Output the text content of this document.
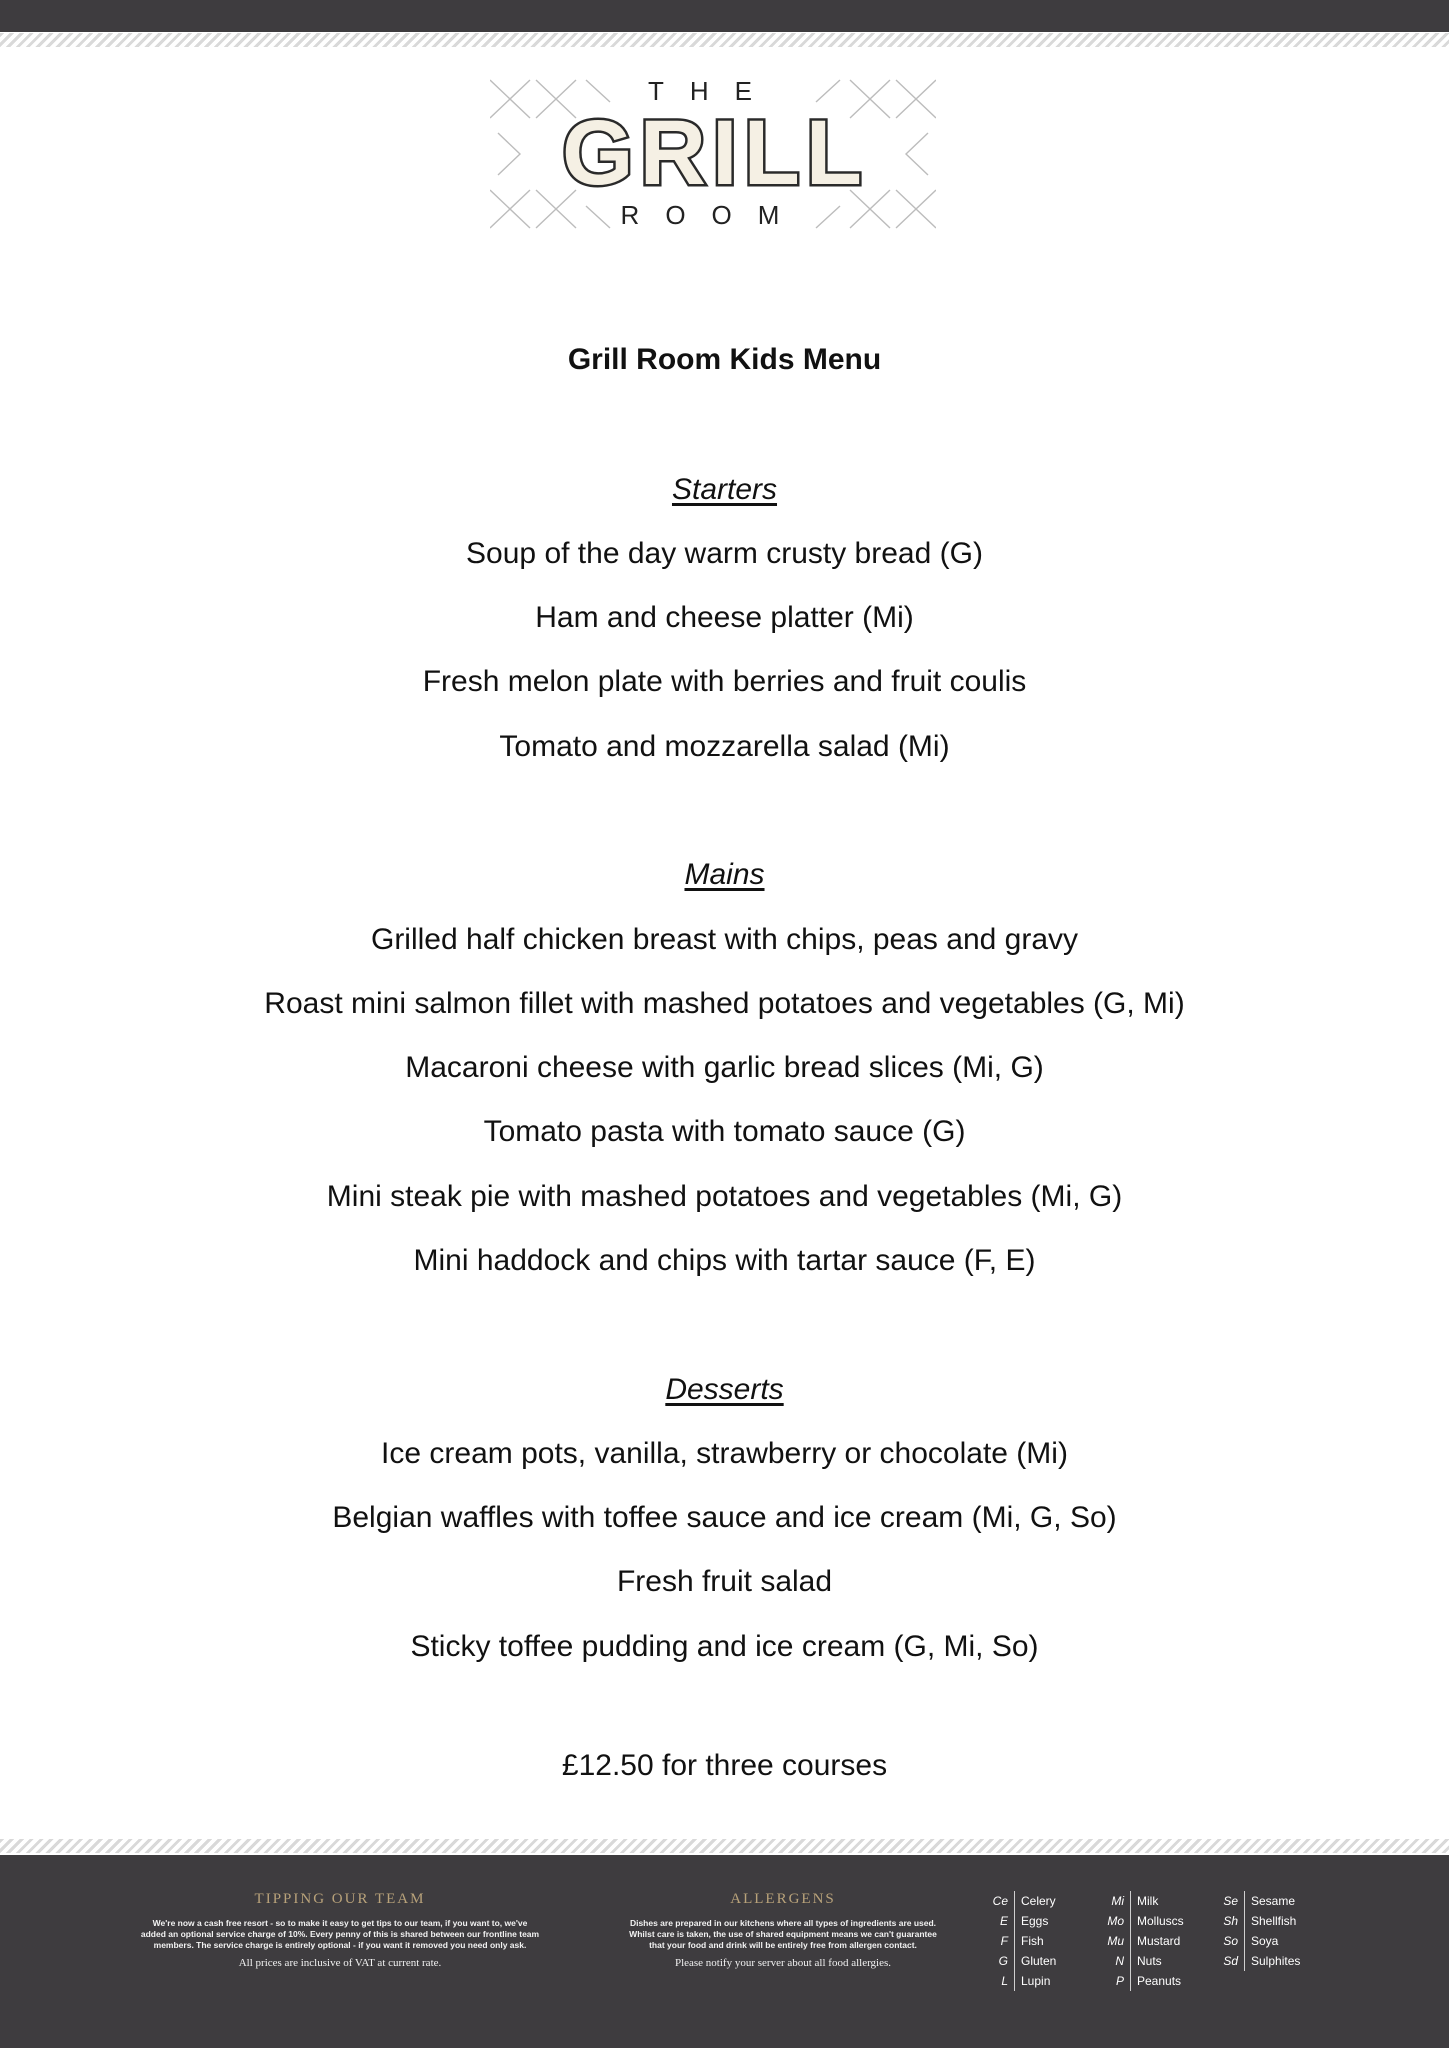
THE
GRILL
ROOM
Grill Room Kids Menu
Starters
Soup of the day warm crusty bread (G)
Ham and cheese platter (Mi)
Fresh melon plate with berries and fruit coulis
Tomato and mozzarella salad (Mi)
Mains
Grilled half chicken breast with chips, peas and gravy
Roast mini salmon fillet with mashed potatoes and vegetables (G, Mi)
Macaroni cheese with garlic bread slices (Mi, G)
Tomato pasta with tomato sauce (G)
Mini steak pie with mashed potatoes and vegetables (Mi, G)
Mini haddock and chips with tartar sauce (F, E)
Desserts
Ice cream pots, vanilla, strawberry or chocolate (Mi)
Belgian waffles with toffee sauce and ice cream (Mi, G, So)
Fresh fruit salad
Sticky toffee pudding and ice cream (G, Mi, So)
£12.50 for three courses
TIPPING OUR TEAM
We're now a cash free resort - so to make it easy to get tips to our team, if you want to, we've
added an optional service charge of 10%. Every penny of this is shared between our frontline team
members. The service charge is entirely optional - if you want it removed you need only ask.
All prices are inclusive of VAT at current rate.
ALLERGENS
Dishes are prepared in our kitchens where all types of ingredients are used.
Whilst care is taken, the use of shared equipment means we can't guarantee
that your food and drink will be entirely free from allergen contact.
Please notify your server about all food allergies.
Ce	Celery
E	Eggs
F	Fish
G	Gluten
L	Lupin
Mi	Milk
Mo	Molluscs
Mu	Mustard
N	Nuts
P	Peanuts
Se	Sesame
Sh	Shellfish
So	Soya
Sd	Sulphites
